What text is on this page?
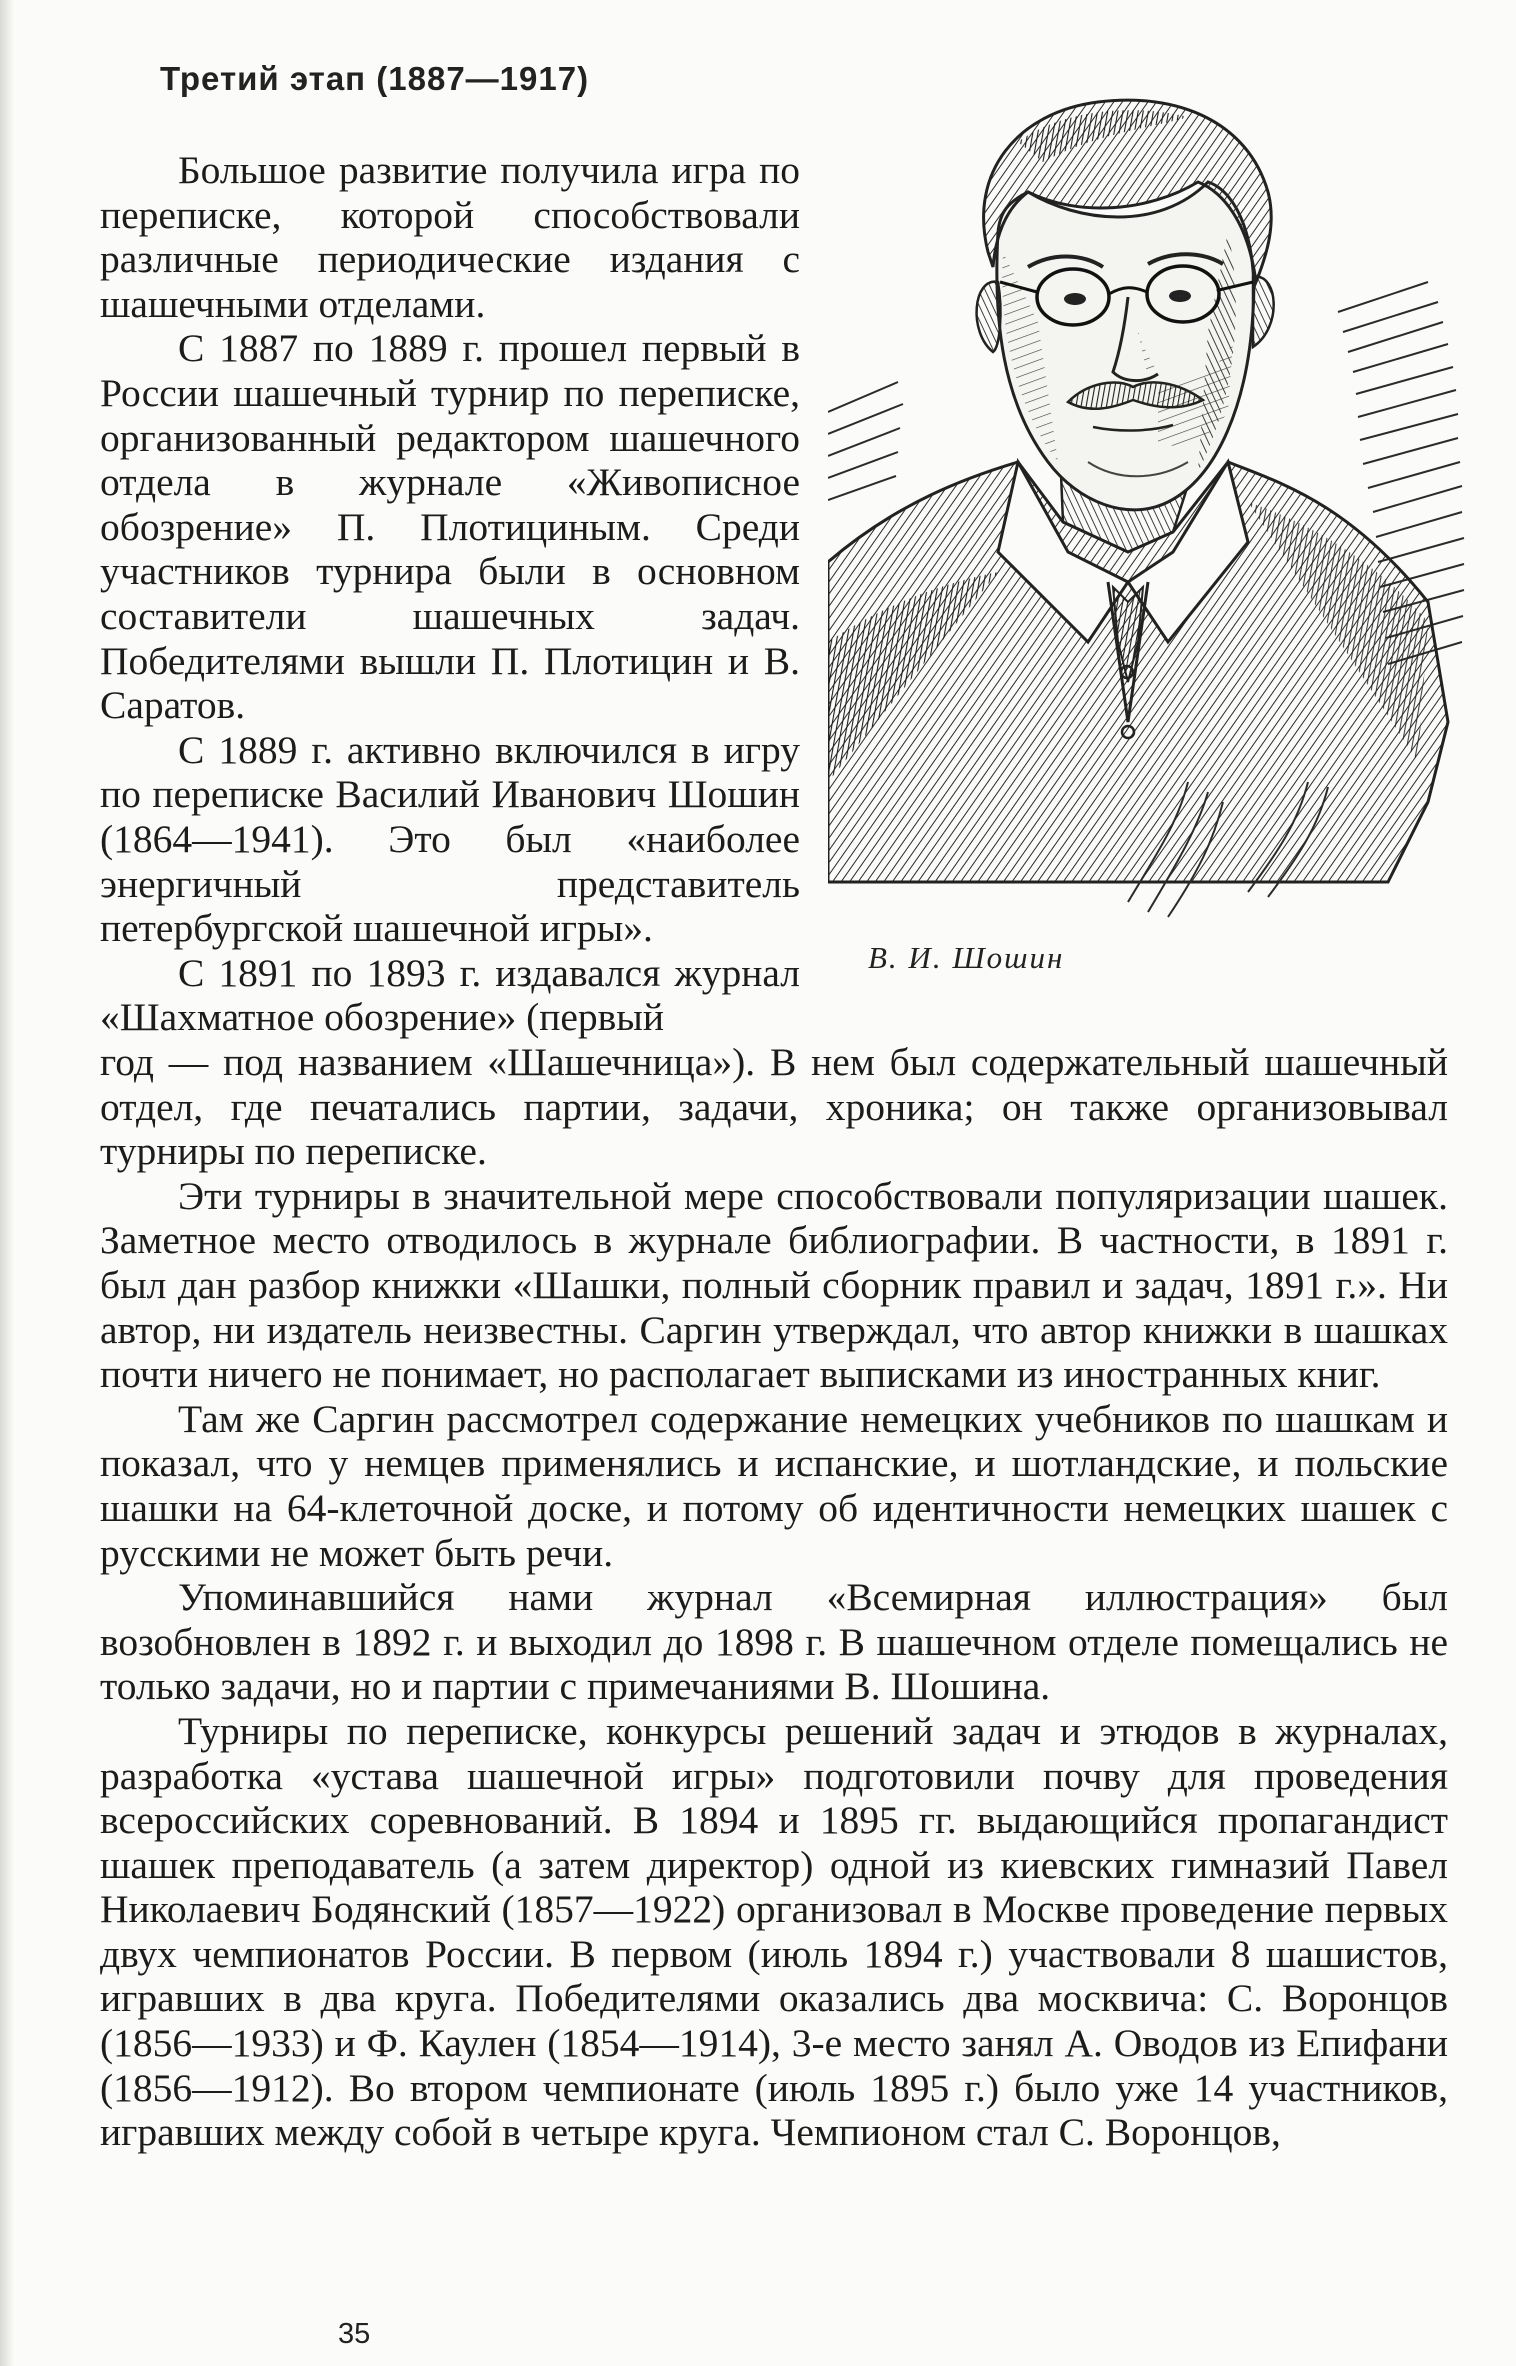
Третий этап (1887—1917)

Большое развитие получила игра по переписке, которой способствовали различные периодические издания с шашечными отделами.

С 1887 по 1889 г. прошел первый в России шашечный турнир по переписке, организованный редактором шашечного отдела в журнале «Живописное обозрение» П. Плотициным. Среди участников турнира были в основном составители шашечных задач. Победителями вышли П. Плотицин и В. Саратов.

С 1889 г. активно включился в игру по переписке Василий Иванович Шошин (1864—1941). Это был «наиболее энергичный представитель петербургской шашечной игры».

С 1891 по 1893 г. издавался журнал «Шахматное обозрение» (первый

В. И. Шошин

год — под названием «Шашечница»). В нем был содержательный шашечный отдел, где печатались партии, задачи, хроника; он также организовывал турниры по переписке.

Эти турниры в значительной мере способствовали популяризации шашек. Заметное место отводилось в журнале библиографии. В частности, в 1891 г. был дан разбор книжки «Шашки, полный сборник правил и задач, 1891 г.». Ни автор, ни издатель неизвестны. Саргин утверждал, что автор книжки в шашках почти ничего не понимает, но располагает выписками из иностранных книг.

Там же Саргин рассмотрел содержание немецких учебников по шашкам и показал, что у немцев применялись и испанские, и шотландские, и польские шашки на 64-клеточной доске, и потому об идентичности немецких шашек с русскими не может быть речи.

Упоминавшийся нами журнал «Всемирная иллюстрация» был возобновлен в 1892 г. и выходил до 1898 г. В шашечном отделе помещались не только задачи, но и партии с примечаниями В. Шошина.

Турниры по переписке, конкурсы решений задач и этюдов в журналах, разработка «устава шашечной игры» подготовили почву для проведения всероссийских соревнований. В 1894 и 1895 гг. выдающийся пропагандист шашек преподаватель (а затем директор) одной из киевских гимназий Павел Николаевич Бодянский (1857—1922) организовал в Москве проведение первых двух чемпионатов России. В первом (июль 1894 г.) участвовали 8 шашистов, игравших в два круга. Победителями оказались два москвича: С. Воронцов (1856—1933) и Ф. Каулен (1854—1914), 3-е место занял А. Оводов из Епифани (1856—1912). Во втором чемпионате (июль 1895 г.) было уже 14 участников, игравших между собой в четыре круга. Чемпионом стал С. Воронцов,

35
